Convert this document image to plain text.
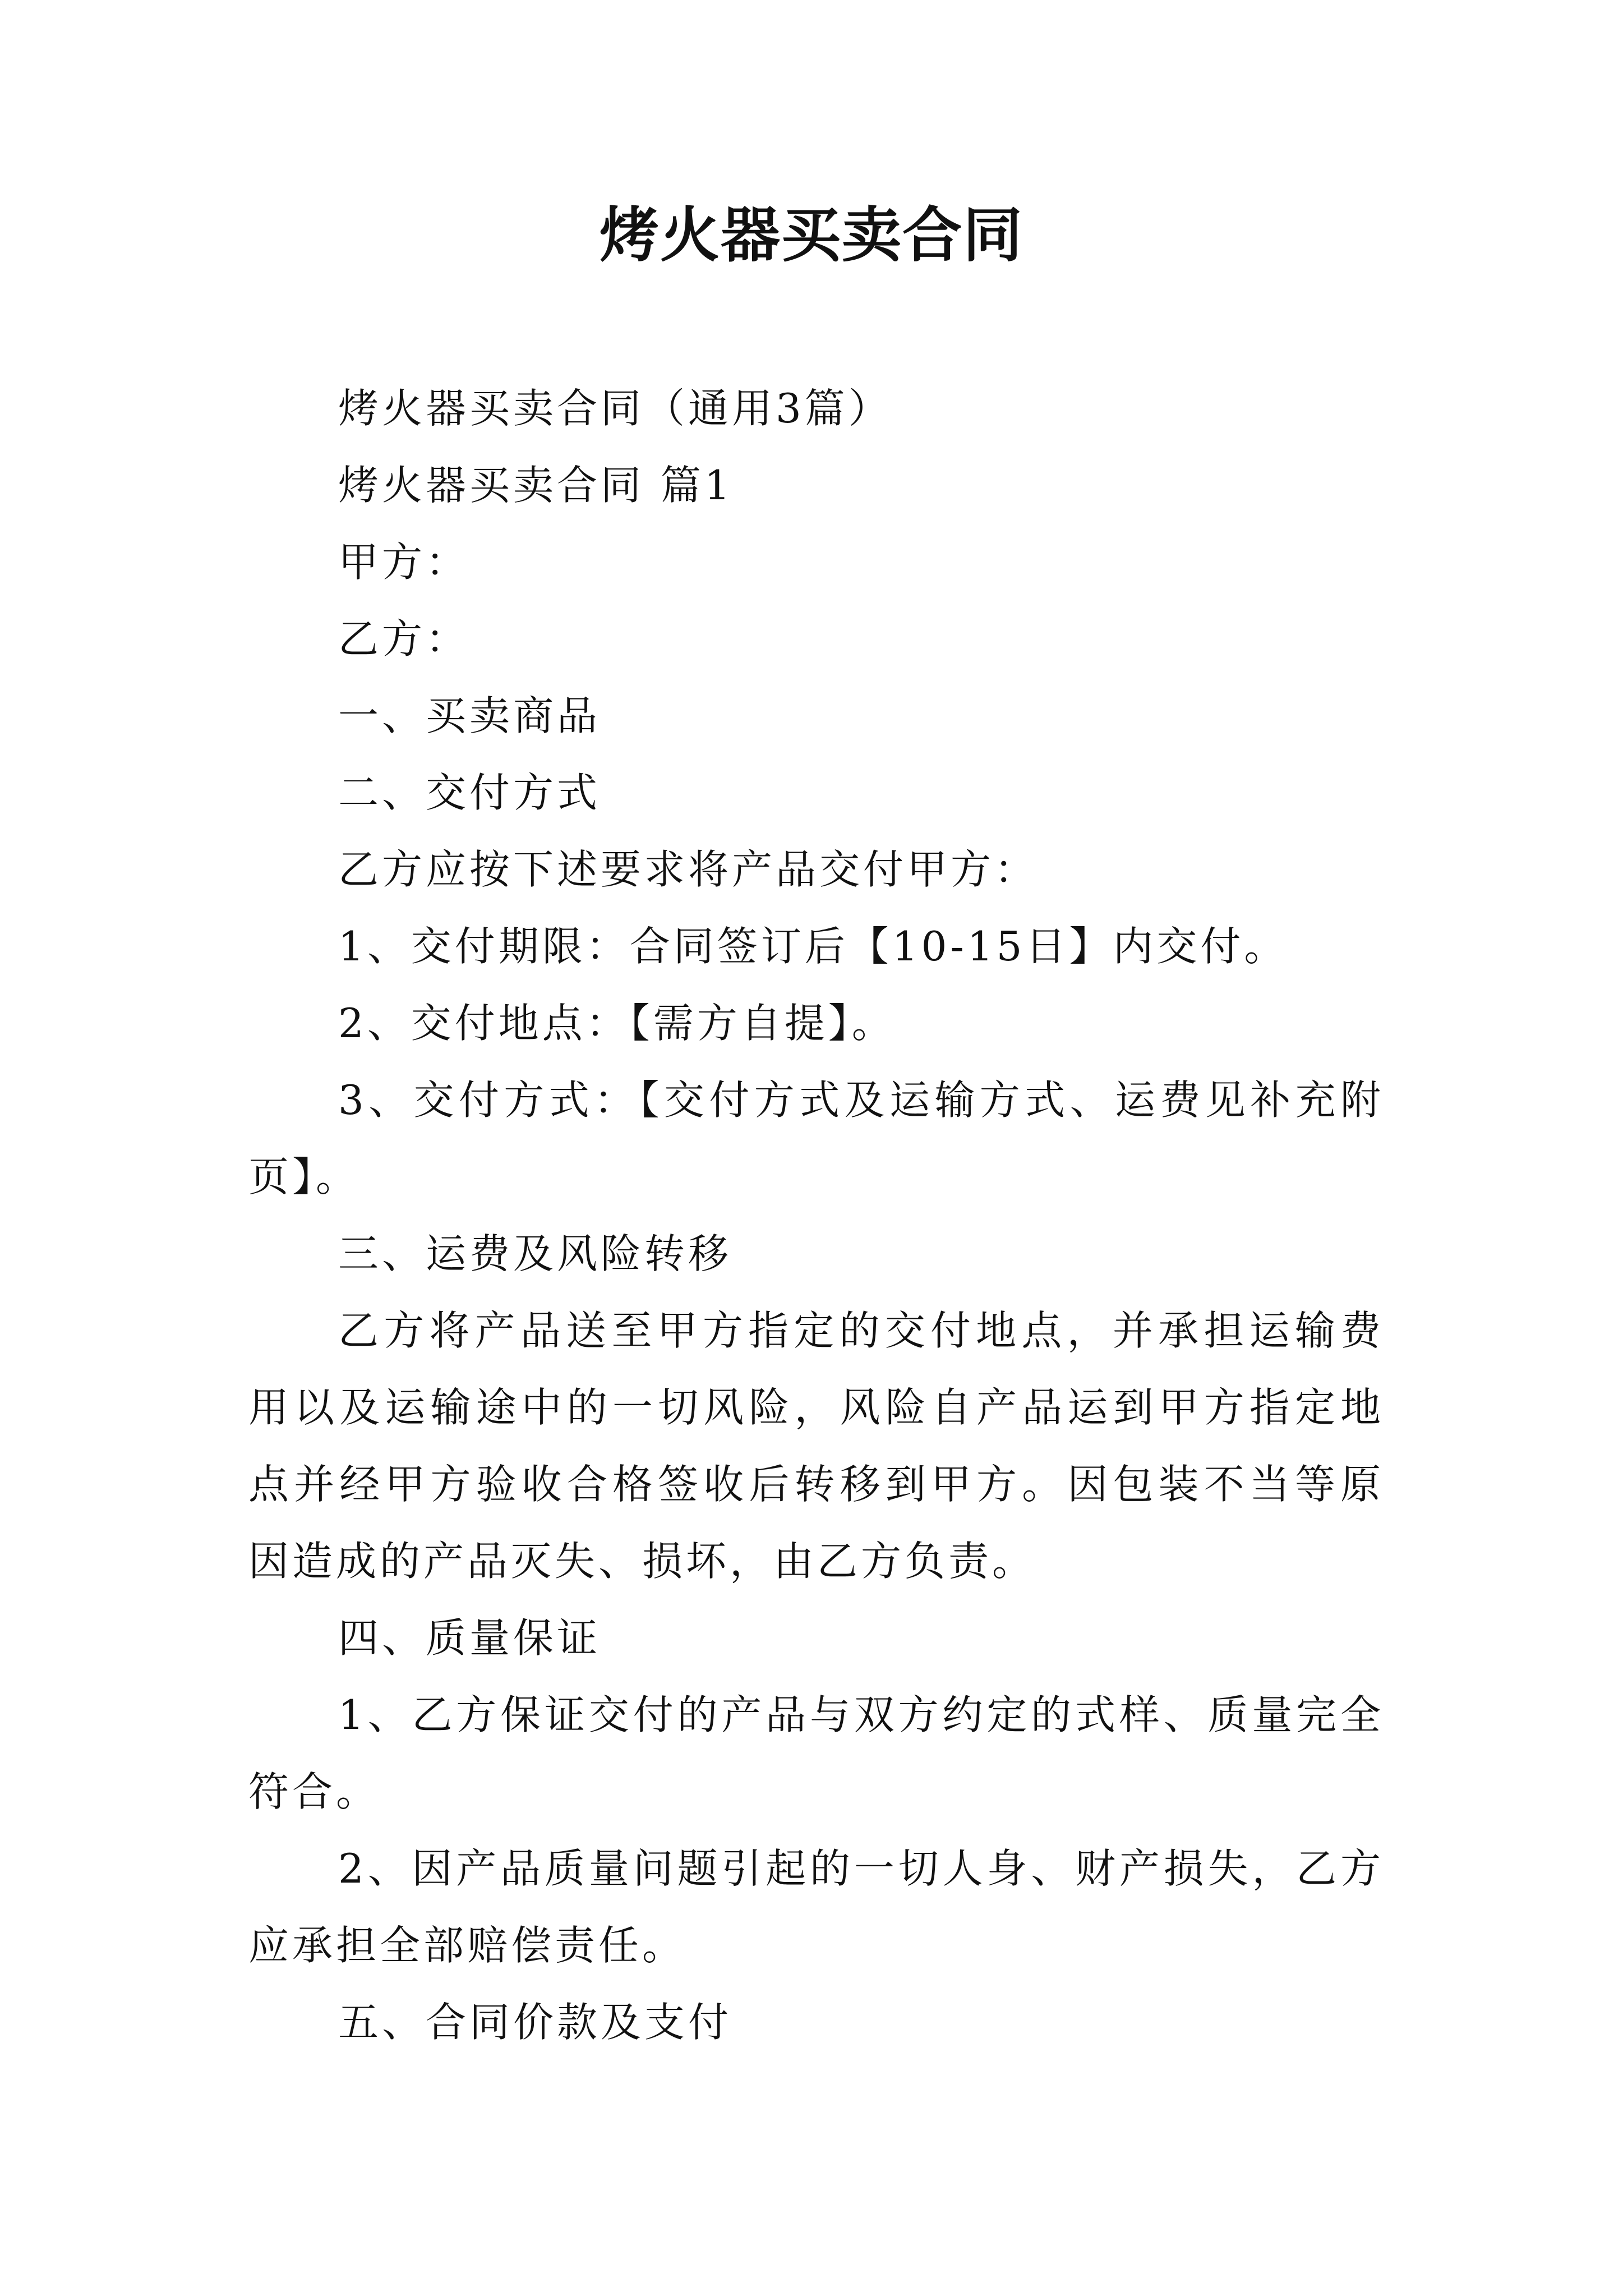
烤火器买卖合同

烤火器买卖合同（通用3篇）

烤火器买卖合同 篇1

甲方：

乙方：

一、买卖商品

二、交付方式

乙方应按下述要求将产品交付甲方：

1、交付期限：合同签订后【10-15日】内交付。

2、交付地点：【需方自提】。

3、交付方式：【交付方式及运输方式、运费见补充附页】。

三、运费及风险转移

乙方将产品送至甲方指定的交付地点，并承担运输费用以及运输途中的一切风险，风险自产品运到甲方指定地点并经甲方验收合格签收后转移到甲方。因包装不当等原因造成的产品灭失、损坏，由乙方负责。

四、质量保证

1、乙方保证交付的产品与双方约定的式样、质量完全符合。

2、因产品质量问题引起的一切人身、财产损失，乙方应承担全部赔偿责任。

五、合同价款及支付
